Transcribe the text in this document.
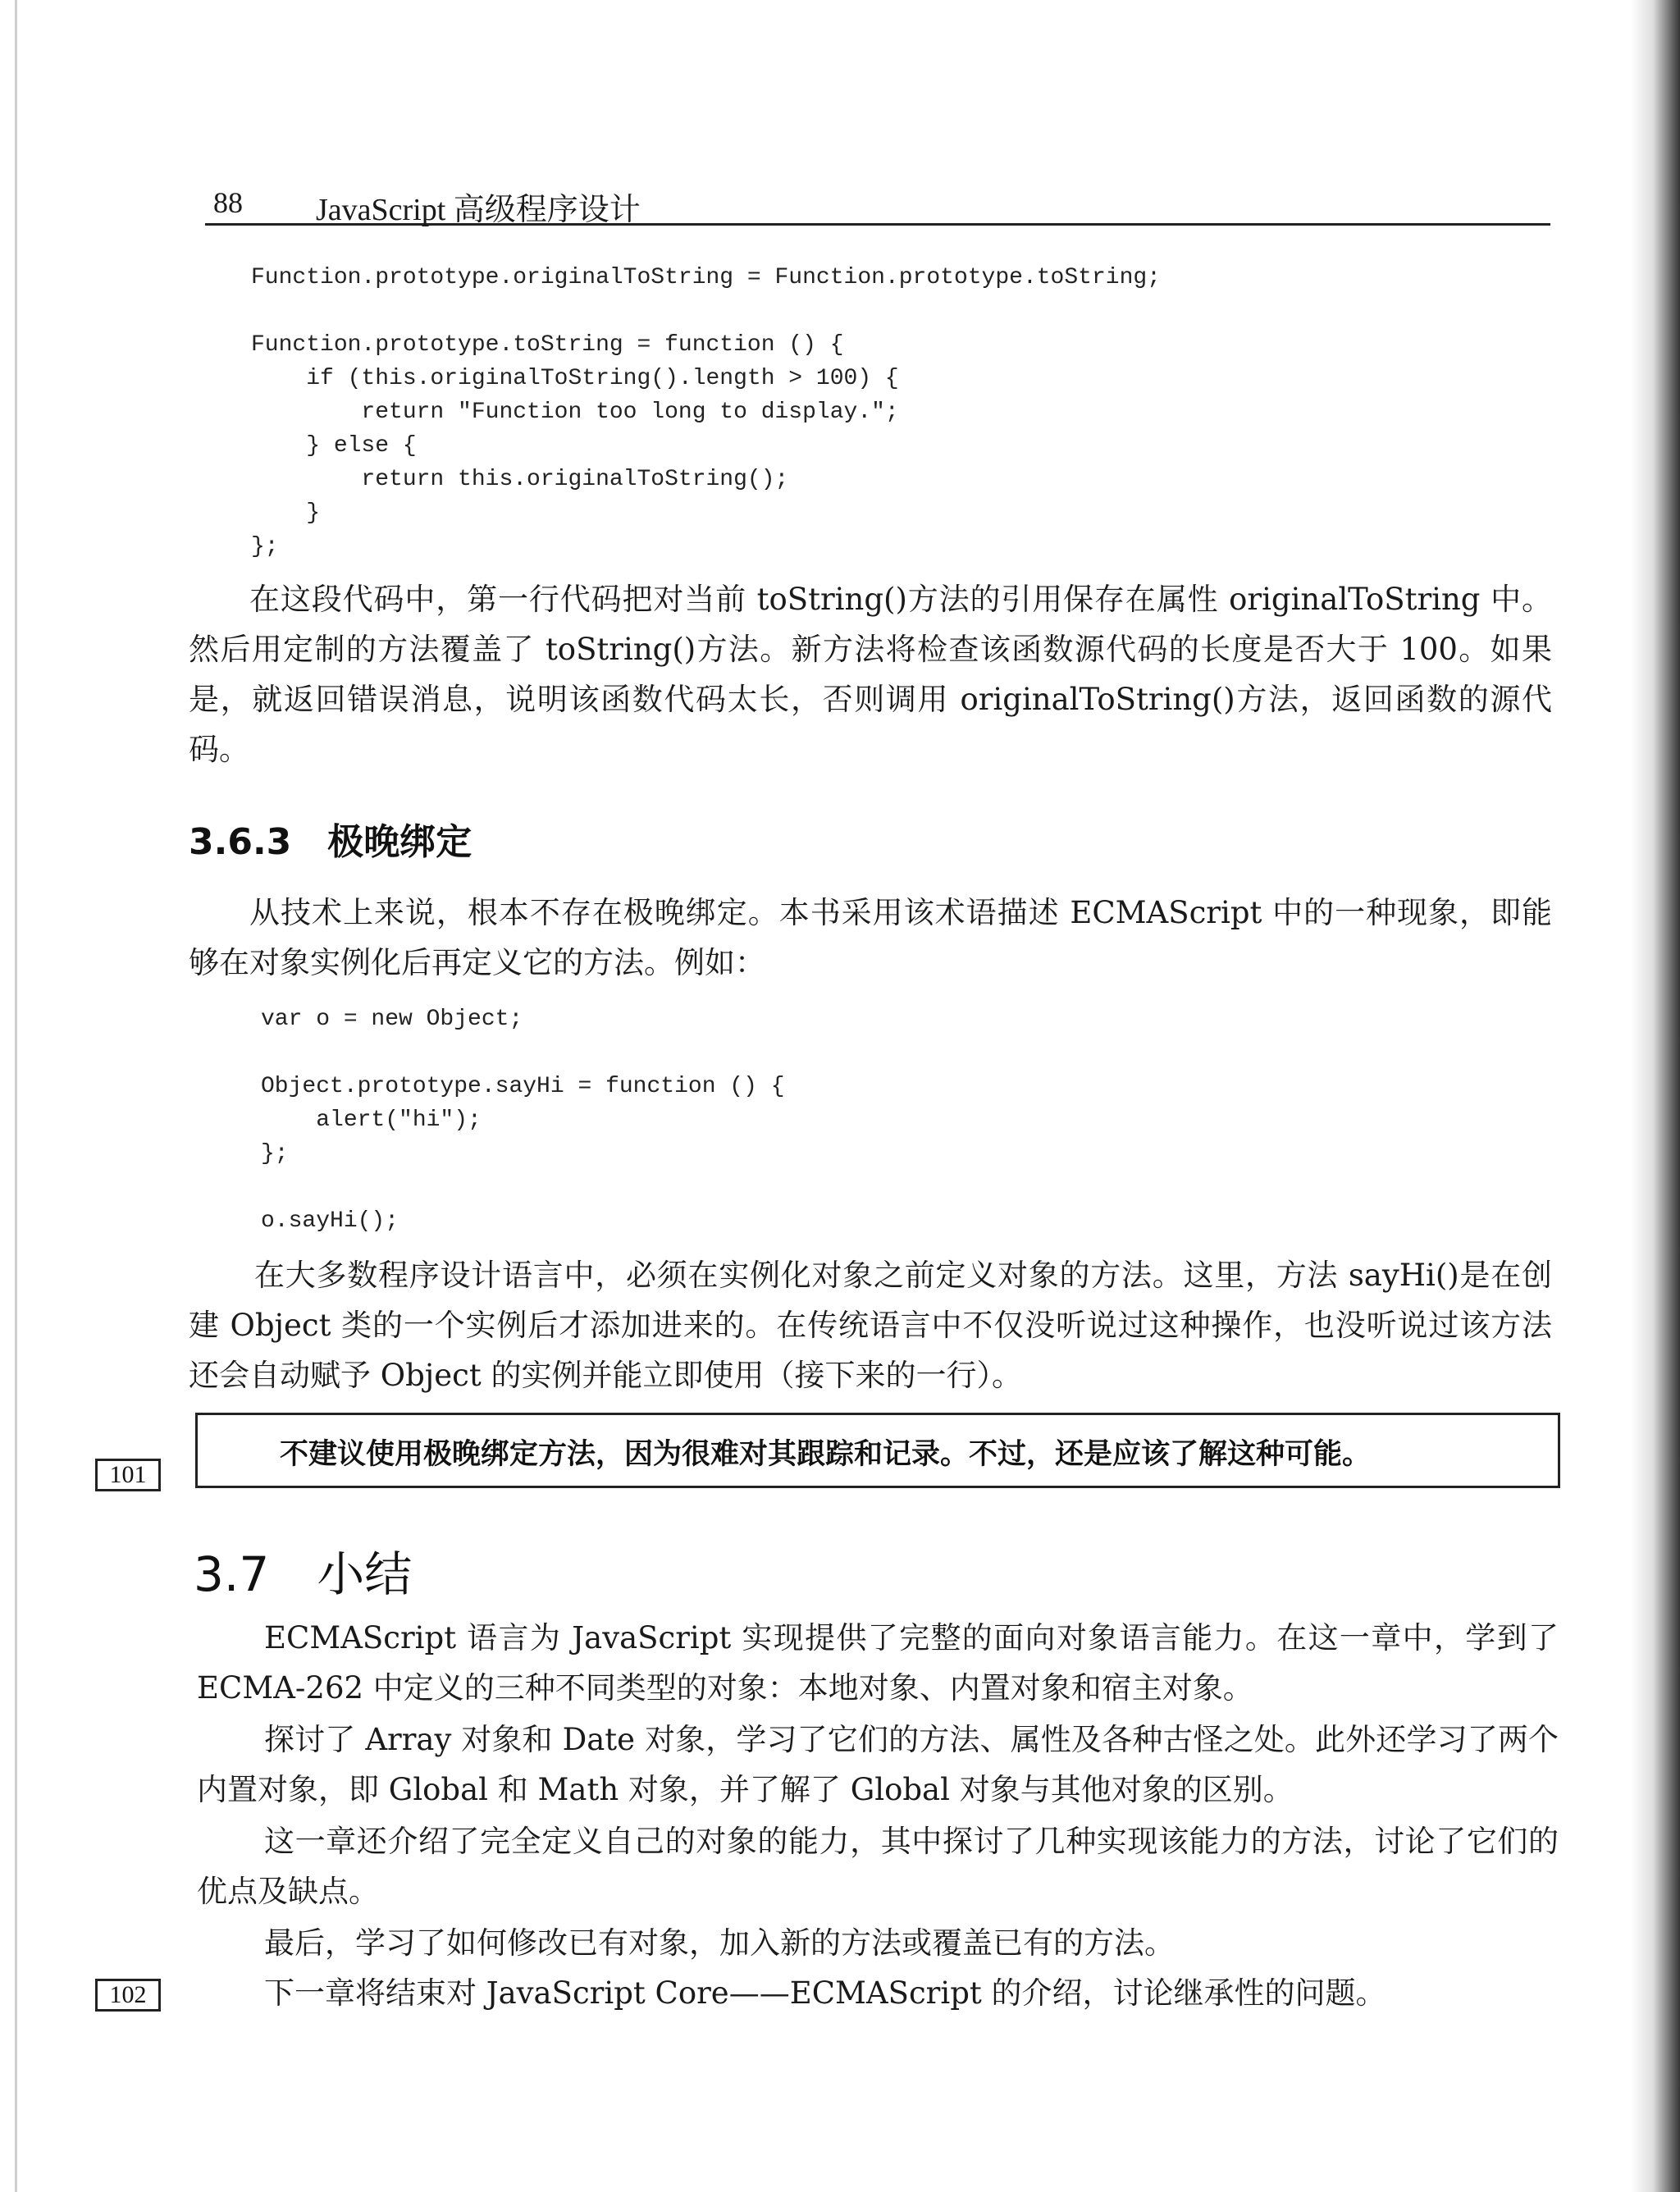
88 JavaScript 高级程序设计
Function.prototype.originalToString = Function.prototype.toString;

Function.prototype.toString = function () {
if (this.originalToString().length > 100) {
return "Function too long to display.";
} else {
return this.originalToString();
}
};
在这段代码中，第一行代码把对当前 toString()方法的引用保存在属性 originalToString 中。然后用定制的方法覆盖了 toString()方法。新方法将检查该函数源代码的长度是否大于 100。如果是，就返回错误消息，说明该函数代码太长，否则调用 originalToString()方法，返回函数的源代码。
3.6.3　极晚绑定
从技术上来说，根本不存在极晚绑定。本书采用该术语描述 ECMAScript 中的一种现象，即能够在对象实例化后再定义它的方法。例如：
var o = new Object;

Object.prototype.sayHi = function () {
alert("hi");
};

o.sayHi();
在大多数程序设计语言中，必须在实例化对象之前定义对象的方法。这里，方法 sayHi()是在创建 Object 类的一个实例后才添加进来的。在传统语言中不仅没听说过这种操作，也没听说过该方法还会自动赋予 Object 的实例并能立即使用（接下来的一行）。
101
不建议使用极晚绑定方法，因为很难对其跟踪和记录。不过，还是应该了解这种可能。
3.7　小结
ECMAScript 语言为 JavaScript 实现提供了完整的面向对象语言能力。在这一章中，学到了 ECMA-262 中定义的三种不同类型的对象：本地对象、内置对象和宿主对象。
探讨了 Array 对象和 Date 对象，学习了它们的方法、属性及各种古怪之处。此外还学习了两个内置对象，即 Global 和 Math 对象，并了解了 Global 对象与其他对象的区别。
这一章还介绍了完全定义自己的对象的能力，其中探讨了几种实现该能力的方法，讨论了它们的优点及缺点。
最后，学习了如何修改已有对象，加入新的方法或覆盖已有的方法。
下一章将结束对 JavaScript Core——ECMAScript 的介绍，讨论继承性的问题。
102
